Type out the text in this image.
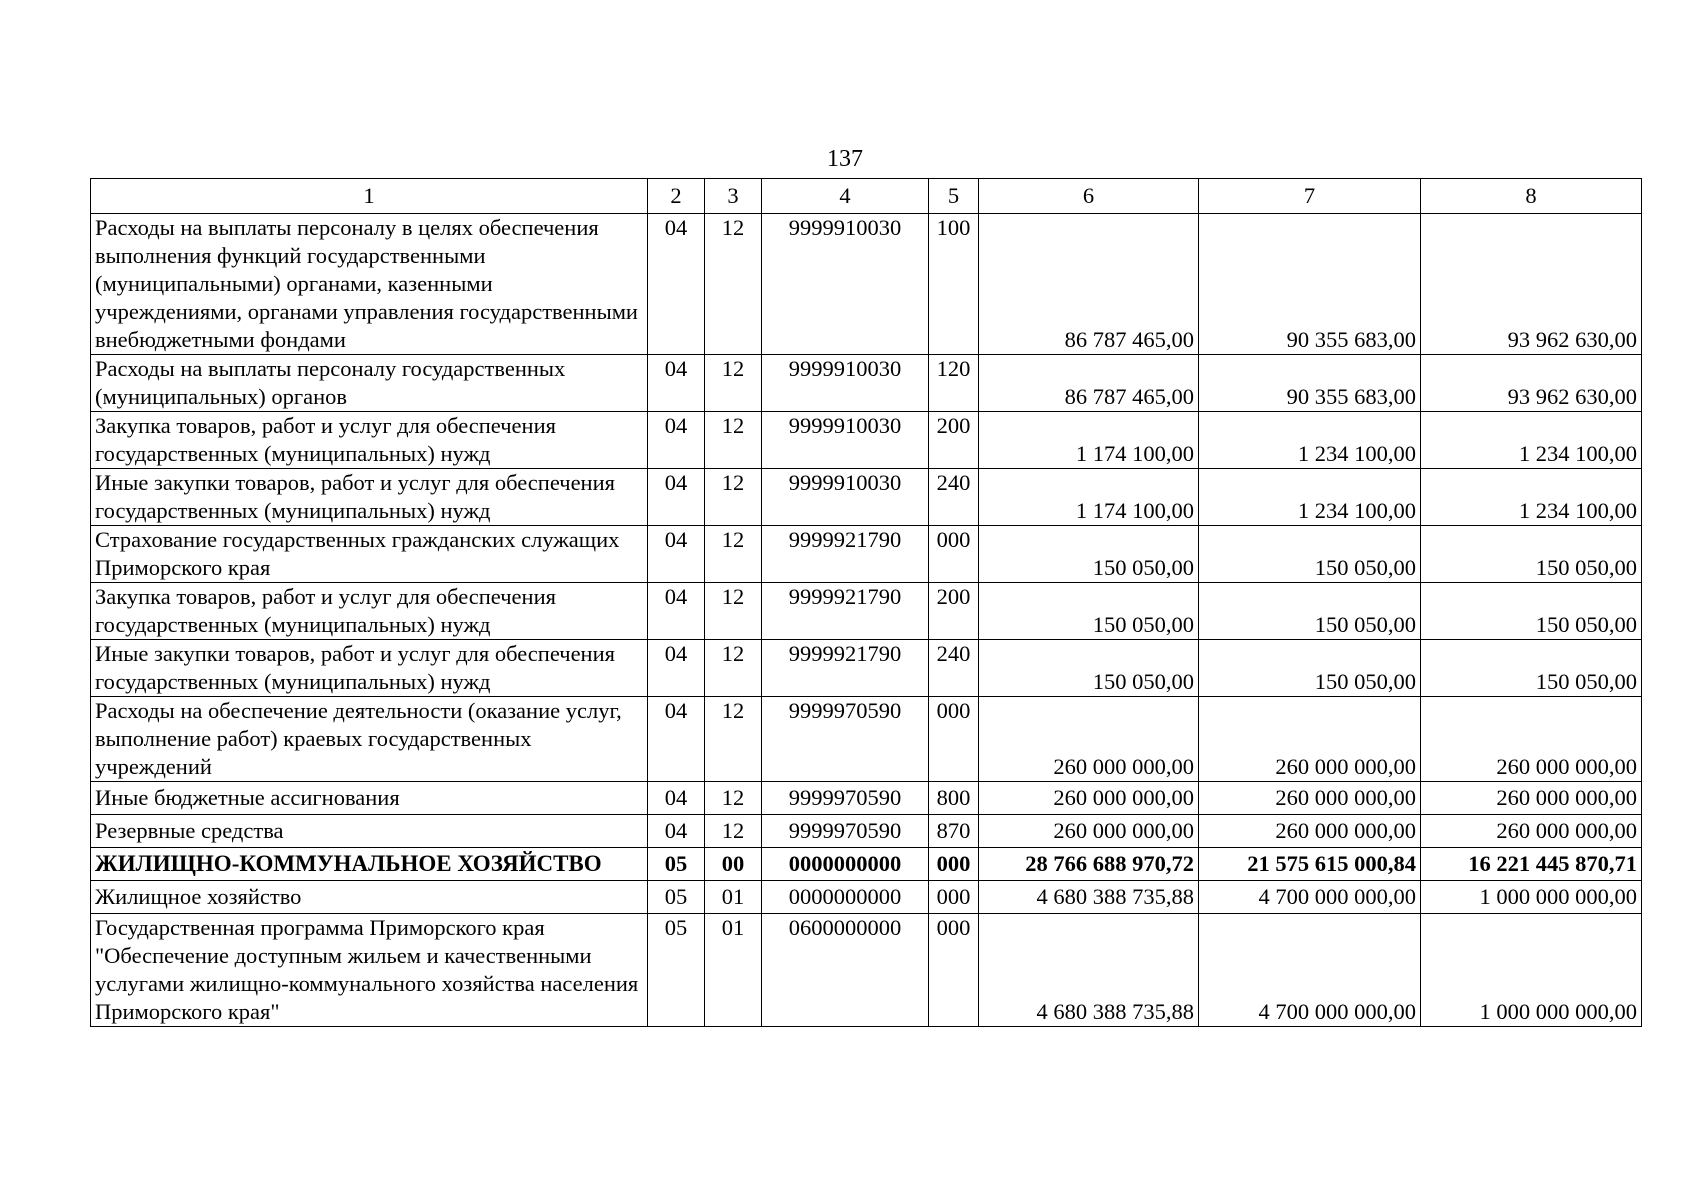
137
1	2	3	4	5	6	7	8
Расходы на выплаты персоналу в целях обеспечения выполнения функций государственными (муниципальными) органами, казенными учреждениями, органами управления государственными внебюджетными фондами	04	12	9999910030	100	86 787 465,00	90 355 683,00	93 962 630,00
Расходы на выплаты персоналу государственных (муниципальных) органов	04	12	9999910030	120	86 787 465,00	90 355 683,00	93 962 630,00
Закупка товаров, работ и услуг для обеспечения государственных (муниципальных) нужд	04	12	9999910030	200	1 174 100,00	1 234 100,00	1 234 100,00
Иные закупки товаров, работ и услуг для обеспечения государственных (муниципальных) нужд	04	12	9999910030	240	1 174 100,00	1 234 100,00	1 234 100,00
Страхование государственных гражданских служащих Приморского края	04	12	9999921790	000	150 050,00	150 050,00	150 050,00
Закупка товаров, работ и услуг для обеспечения государственных (муниципальных) нужд	04	12	9999921790	200	150 050,00	150 050,00	150 050,00
Иные закупки товаров, работ и услуг для обеспечения государственных (муниципальных) нужд	04	12	9999921790	240	150 050,00	150 050,00	150 050,00
Расходы на обеспечение деятельности (оказание услуг, выполнение работ) краевых государственных учреждений	04	12	9999970590	000	260 000 000,00	260 000 000,00	260 000 000,00
Иные бюджетные ассигнования	04	12	9999970590	800	260 000 000,00	260 000 000,00	260 000 000,00
Резервные средства	04	12	9999970590	870	260 000 000,00	260 000 000,00	260 000 000,00
ЖИЛИЩНО-КОММУНАЛЬНОЕ ХОЗЯЙСТВО	05	00	0000000000	000	28 766 688 970,72	21 575 615 000,84	16 221 445 870,71
Жилищное хозяйство	05	01	0000000000	000	4 680 388 735,88	4 700 000 000,00	1 000 000 000,00
Государственная программа Приморского края "Обеспечение доступным жильем и качественными услугами жилищно-коммунального хозяйства населения Приморского края"	05	01	0600000000	000	4 680 388 735,88	4 700 000 000,00	1 000 000 000,00
